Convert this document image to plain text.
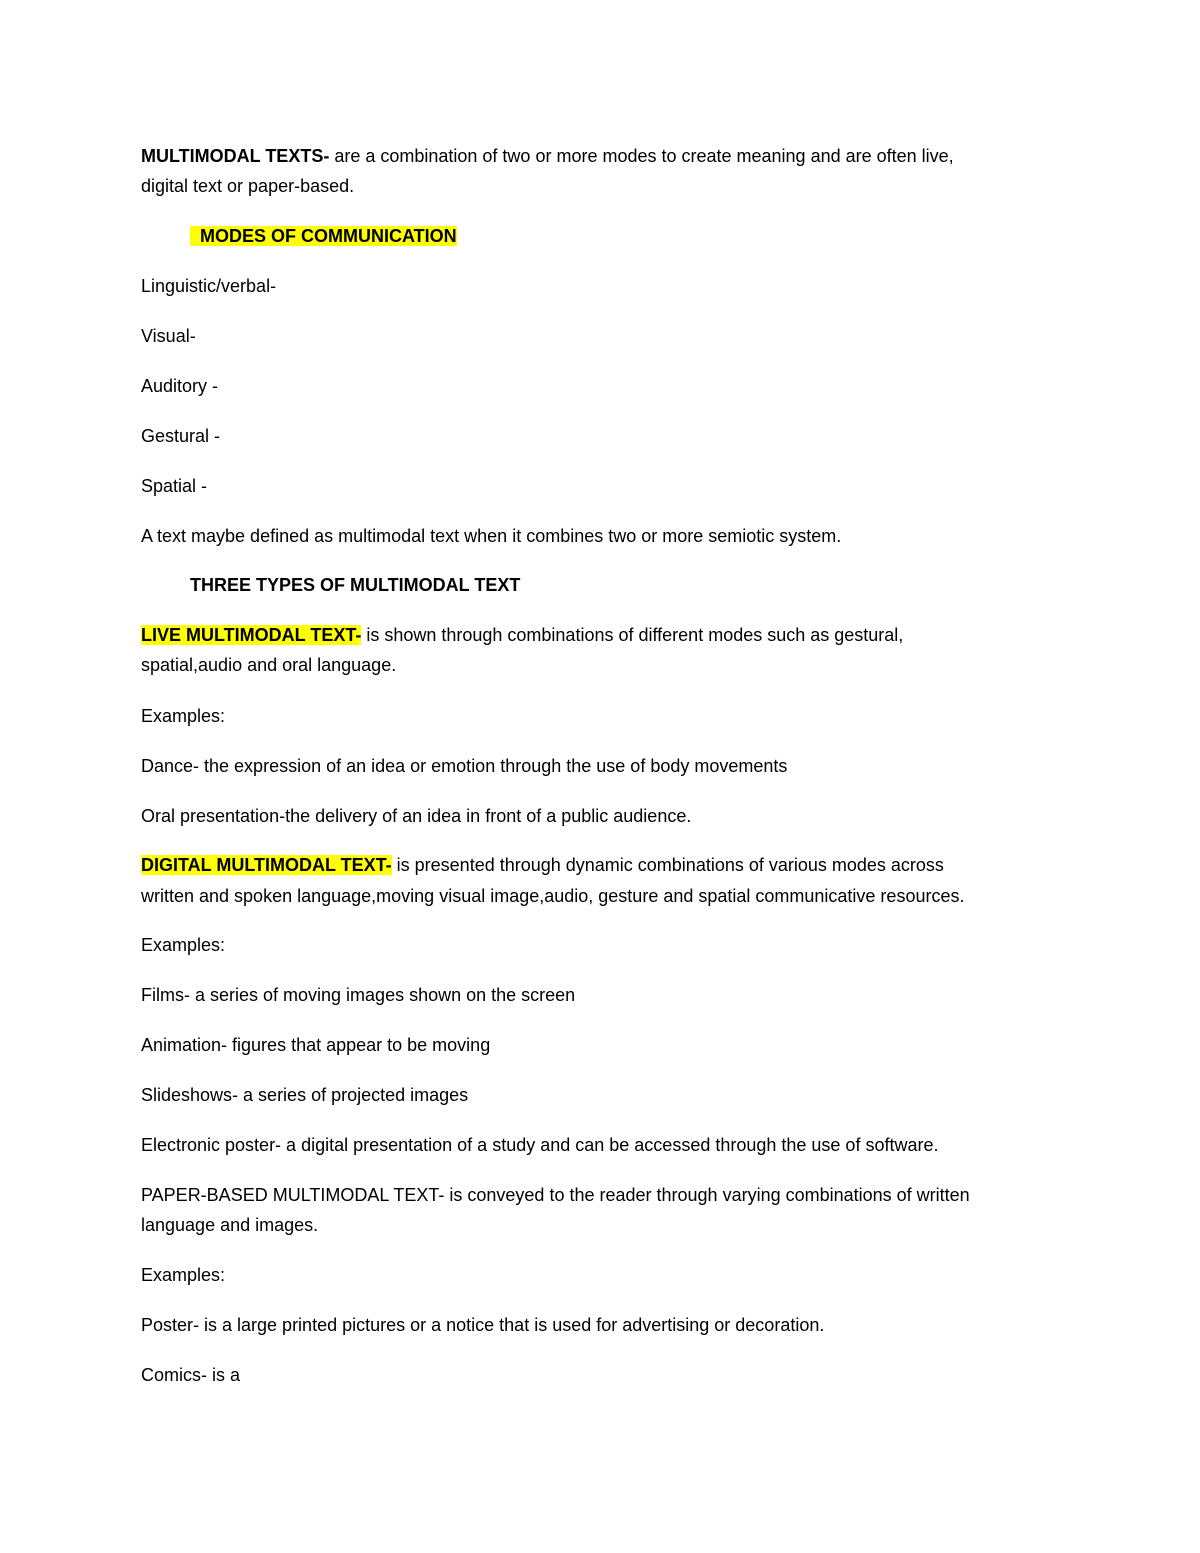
MULTIMODAL TEXTS- are a combination of two or more modes to create meaning and are often live,
digital text or paper-based.
MODES OF COMMUNICATION
Linguistic/verbal-
Visual-
Auditory -
Gestural -
Spatial -
A text maybe defined as multimodal text when it combines two or more semiotic system.
THREE TYPES OF MULTIMODAL TEXT
LIVE MULTIMODAL TEXT- is shown through combinations of different modes such as gestural,
spatial,audio and oral language.
Examples:
Dance- the expression of an idea or emotion through the use of body movements
Oral presentation-the delivery of an idea in front of a public audience.
DIGITAL MULTIMODAL TEXT- is presented through dynamic combinations of various modes across
written and spoken language,moving visual image,audio, gesture and spatial communicative resources.
Examples:
Films- a series of moving images shown on the screen
Animation- figures that appear to be moving
Slideshows- a series of projected images
Electronic poster- a digital presentation of a study and can be accessed through the use of software.
PAPER-BASED MULTIMODAL TEXT- is conveyed to the reader through varying combinations of written
language and images.
Examples:
Poster- is a large printed pictures or a notice that is used for advertising or decoration.
Comics- is a
